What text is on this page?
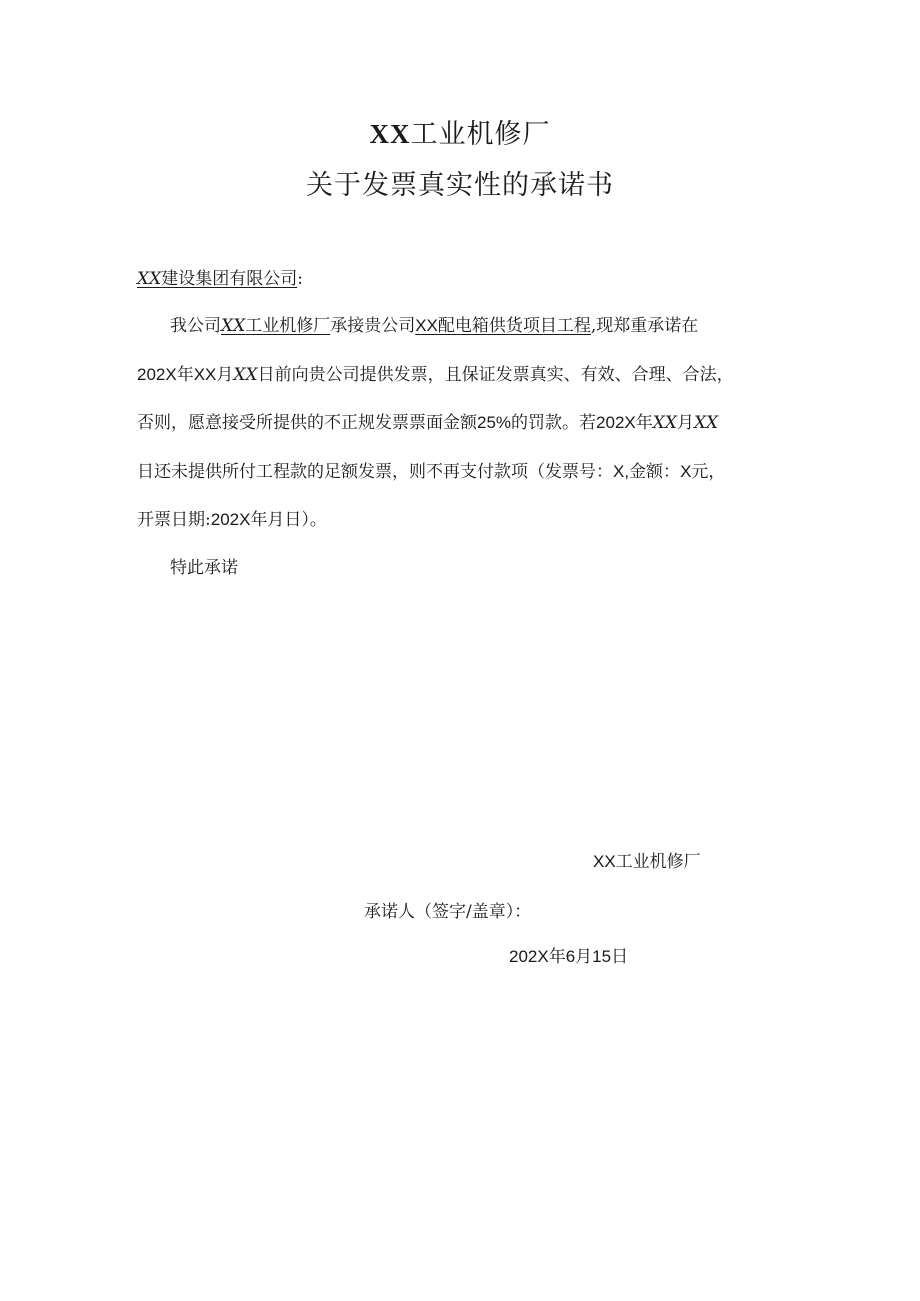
XX工业机修厂
关于发票真实性的承诺书
XX建设集团有限公司:
我公司XX工业机修厂承接贵公司XX配电箱供货项目工程,现郑重承诺在
202X年XX月XX日前向贵公司提供发票，且保证发票真实、有效、合理、合法，
否则，愿意接受所提供的不正规发票票面金额25%的罚款。若202X年XX月XX
日还未提供所付工程款的足额发票，则不再支付款项（发票号：X,金额：X元，
开票日期:202X年月日）。
特此承诺
XX工业机修厂
承诺人（签字/盖章）：
202X年6月15日
